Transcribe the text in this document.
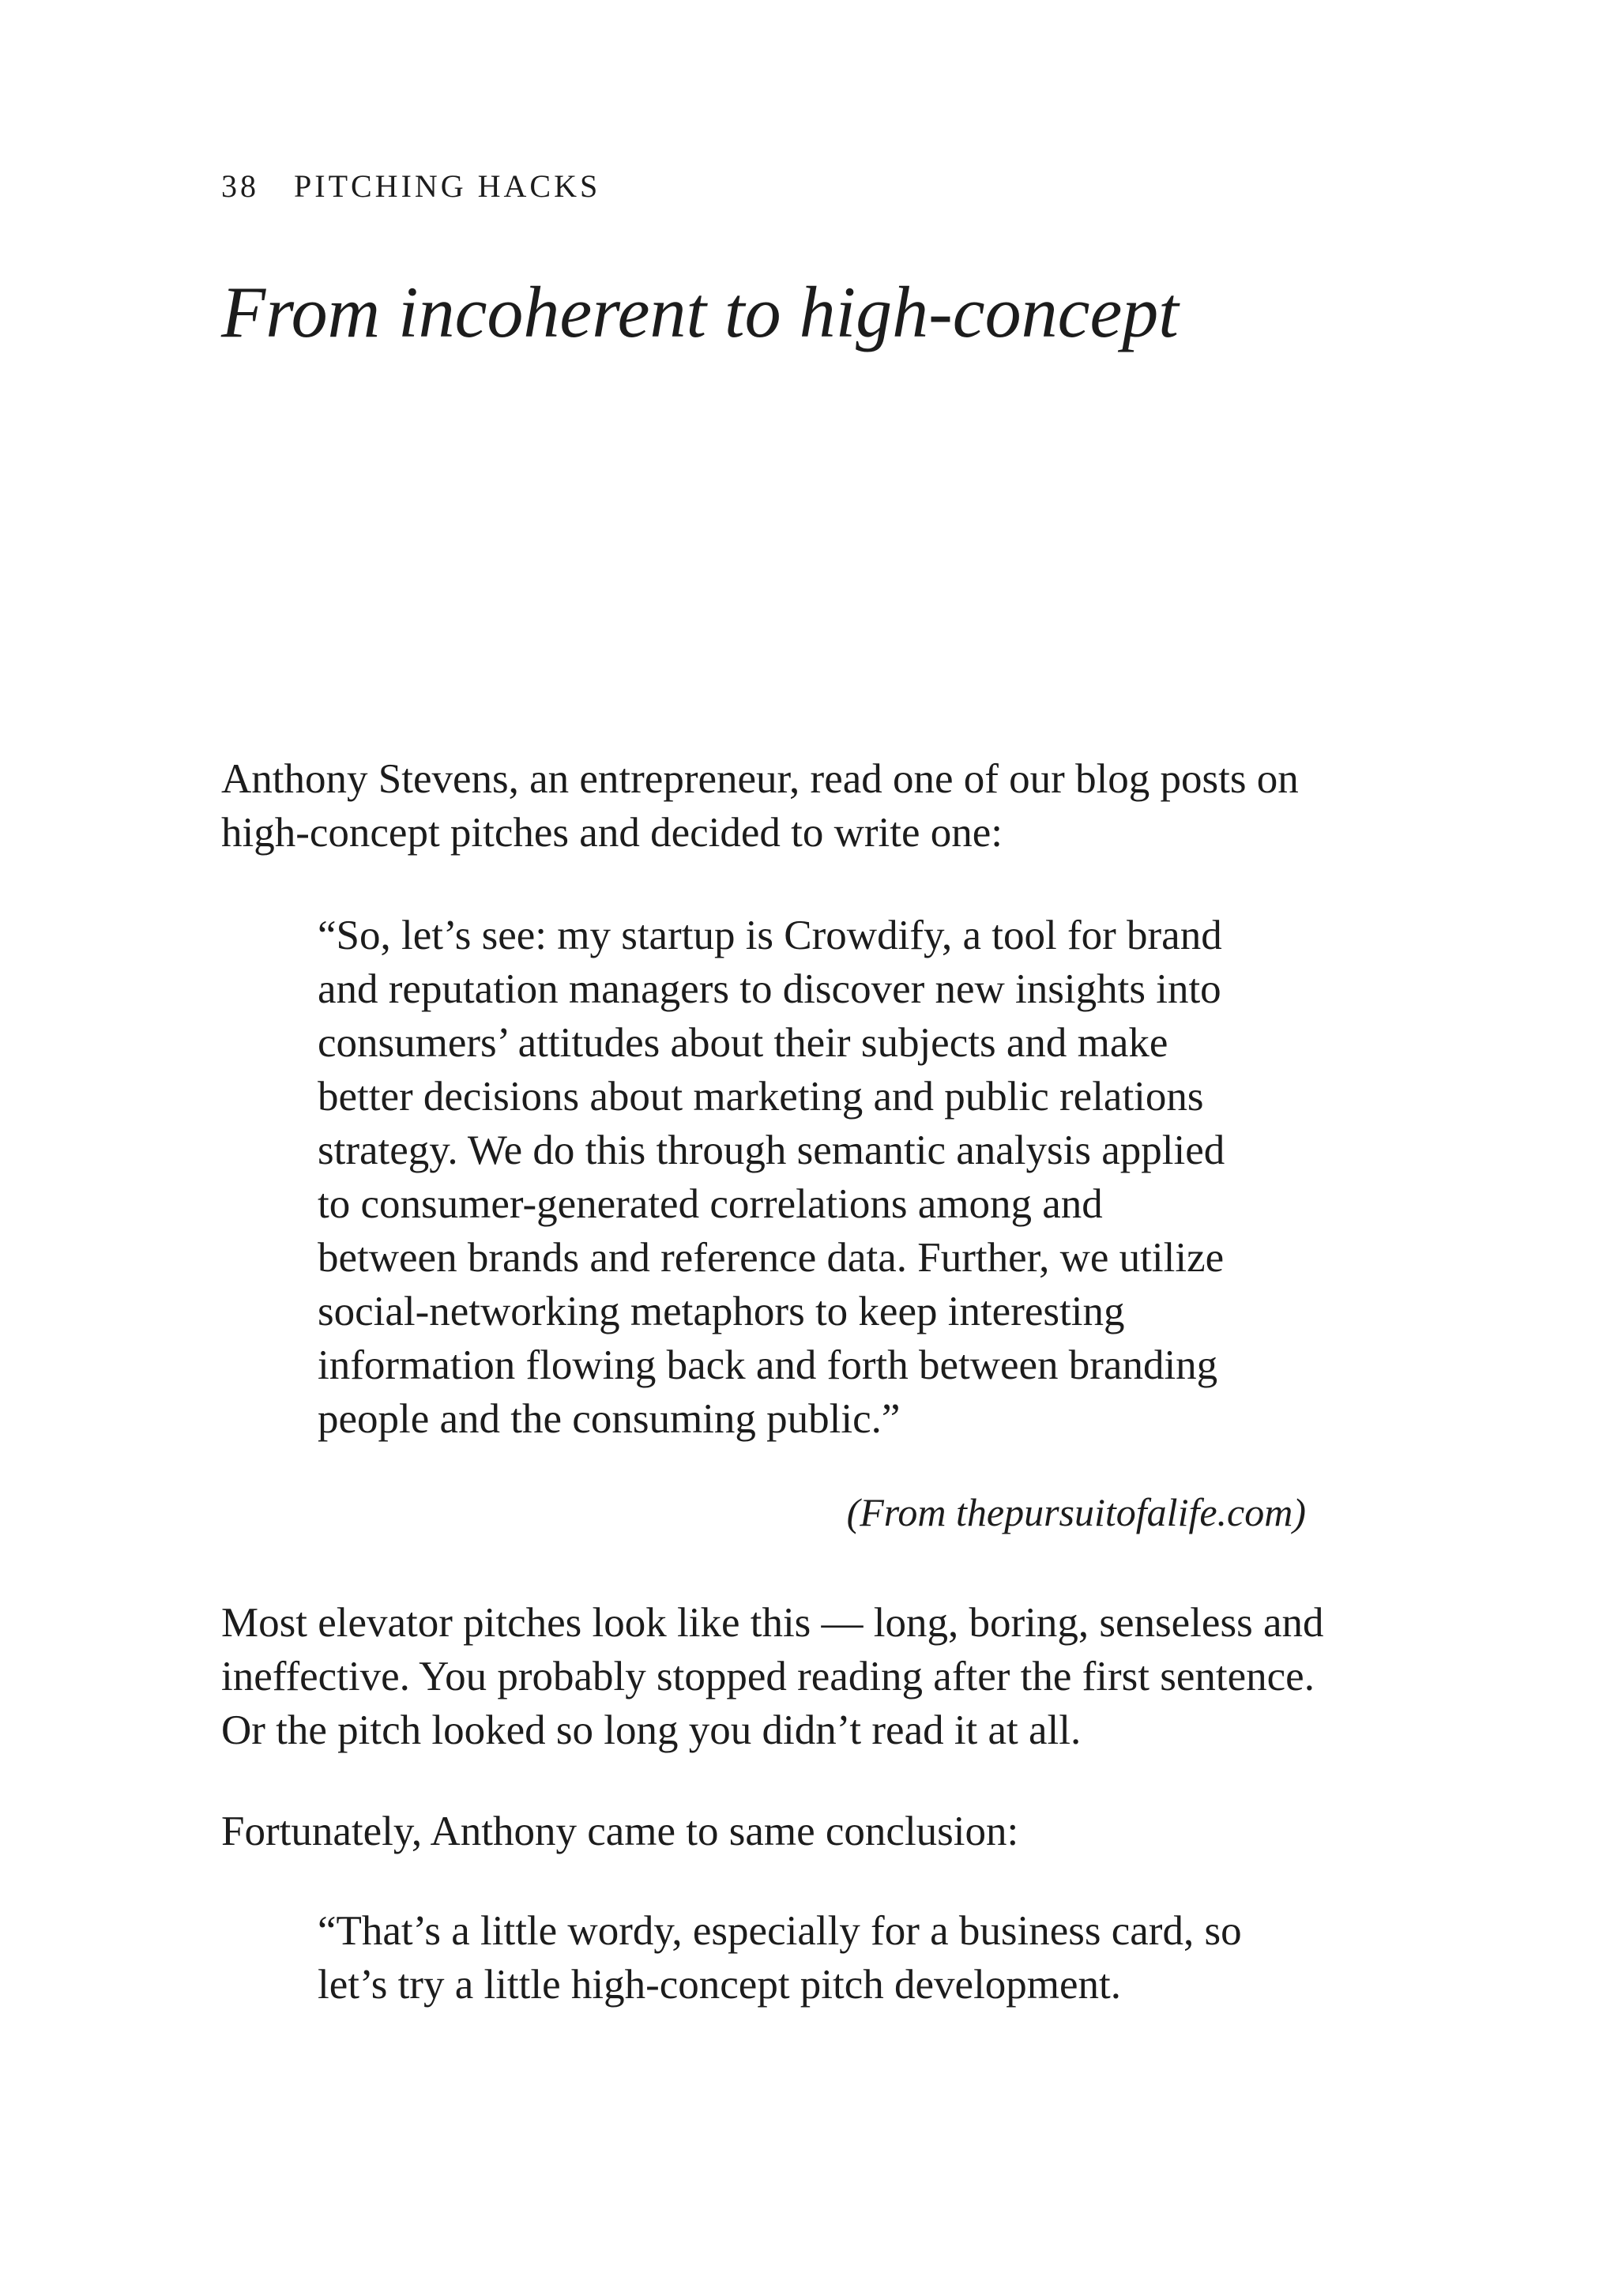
38 PITCHING HACKS
From incoherent to high-concept

Anthony Stevens, an entrepreneur, read one of our blog posts on
high-concept pitches and decided to write one:

“So, let’s see: my startup is Crowdify, a tool for brand
and reputation managers to discover new insights into
consumers’ attitudes about their subjects and make
better decisions about marketing and public relations
strategy. We do this through semantic analysis applied
to consumer-generated correlations among and
between brands and reference data. Further, we utilize
social-networking metaphors to keep interesting
information flowing back and forth between branding
people and the consuming public.”

(From thepursuitofalife.com)

Most elevator pitches look like this — long, boring, senseless and
ineffective. You probably stopped reading after the first sentence.
Or the pitch looked so long you didn’t read it at all.

Fortunately, Anthony came to same conclusion:

“That’s a little wordy, especially for a business card, so
let’s try a little high-concept pitch development.
